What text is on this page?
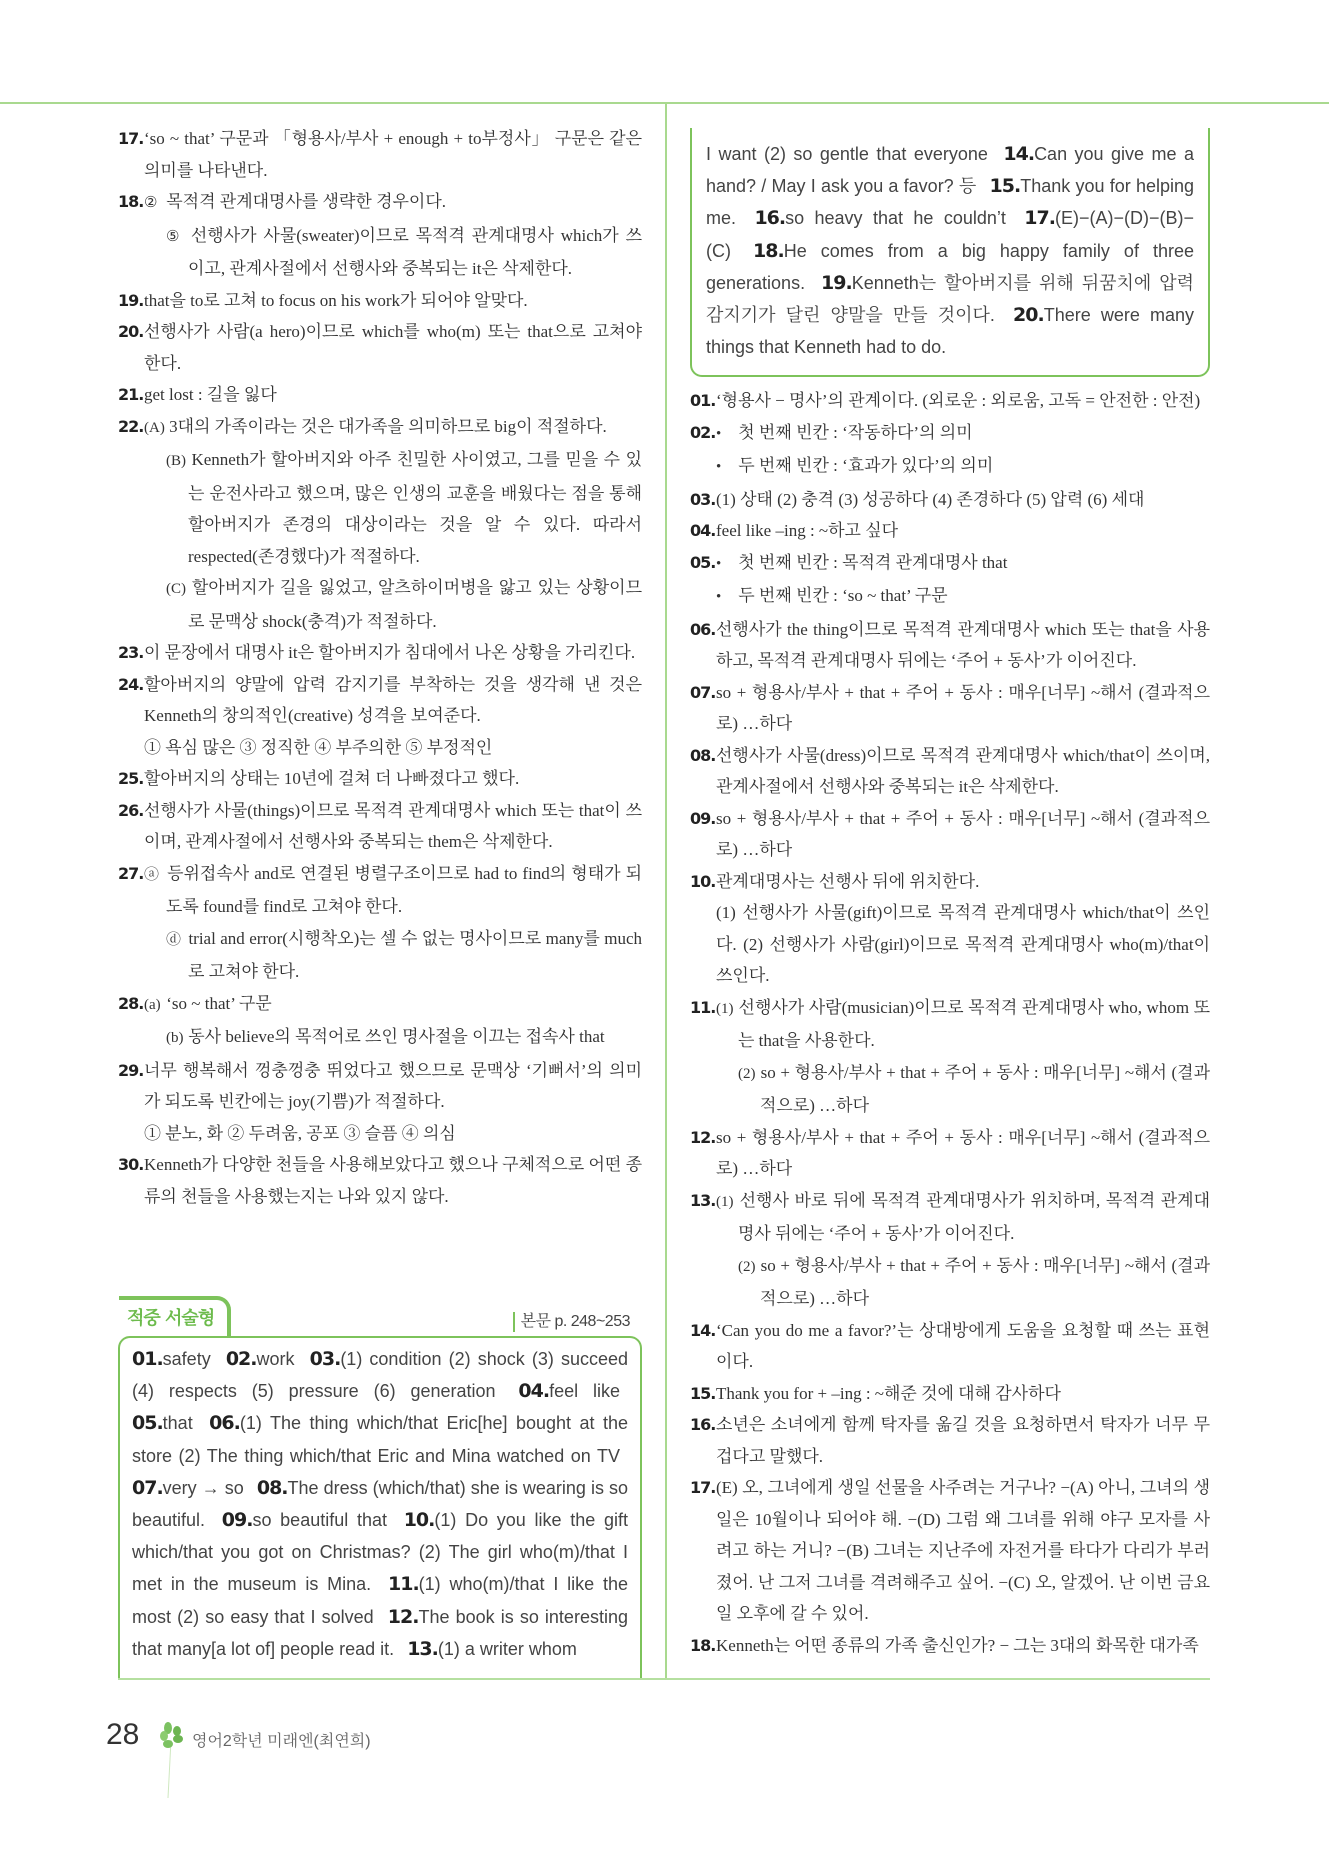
17. ‘so ~ that’ 구문과 「형용사/부사 + enough + to부정사」 구문은 같은 의미를 나타낸다.
18. ② 목적격 관계대명사를 생략한 경우이다.
⑤ 선행사가 사물(sweater)이므로 목적격 관계대명사 which가 쓰이고, 관계사절에서 선행사와 중복되는 it은 삭제한다.
19. that을 to로 고쳐 to focus on his work가 되어야 알맞다.
20. 선행사가 사람(a hero)이므로 which를 who(m) 또는 that으로 고쳐야 한다.
21. get lost : 길을 잃다
22. (A) 3대의 가족이라는 것은 대가족을 의미하므로 big이 적절하다.
(B) Kenneth가 할아버지와 아주 친밀한 사이였고, 그를 믿을 수 있는 운전사라고 했으며, 많은 인생의 교훈을 배웠다는 점을 통해 할아버지가 존경의 대상이라는 것을 알 수 있다. 따라서 respected(존경했다)가 적절하다.
(C) 할아버지가 길을 잃었고, 알츠하이머병을 앓고 있는 상황이므로 문맥상 shock(충격)가 적절하다.
23. 이 문장에서 대명사 it은 할아버지가 침대에서 나온 상황을 가리킨다.
24. 할아버지의 양말에 압력 감지기를 부착하는 것을 생각해 낸 것은 Kenneth의 창의적인(creative) 성격을 보여준다.
① 욕심 많은 ③ 정직한 ④ 부주의한 ⑤ 부정적인
25. 할아버지의 상태는 10년에 걸쳐 더 나빠졌다고 했다.
26. 선행사가 사물(things)이므로 목적격 관계대명사 which 또는 that이 쓰이며, 관계사절에서 선행사와 중복되는 them은 삭제한다.
27. ⓐ 등위접속사 and로 연결된 병렬구조이므로 had to find의 형태가 되도록 found를 find로 고쳐야 한다.
ⓓ trial and error(시행착오)는 셀 수 없는 명사이므로 many를 much로 고쳐야 한다.
28. (a) ‘so ~ that’ 구문
(b) 동사 believe의 목적어로 쓰인 명사절을 이끄는 접속사 that
29. 너무 행복해서 껑충껑충 뛰었다고 했으므로 문맥상 ‘기뻐서’의 의미가 되도록 빈칸에는 joy(기쁨)가 적절하다.
① 분노, 화 ② 두려움, 공포 ③ 슬픔 ④ 의심
30. Kenneth가 다양한 천들을 사용해보았다고 했으나 구체적으로 어떤 종류의 천들을 사용했는지는 나와 있지 않다.
적중 서술형	본문 p. 248~253
01.safety 02.work 03.(1) condition (2) shock (3) succeed (4) respects (5) pressure (6) generation 04.feel like 05.that 06.(1) The thing which/that Eric[he] bought at the store (2) The thing which/that Eric and Mina watched on TV 07.very → so 08.The dress (which/that) she is wearing is so beautiful. 09.so beautiful that 10.(1) Do you like the gift which/that you got on Christmas? (2) The girl who(m)/that I met in the museum is Mina. 11.(1) who(m)/that I like the most (2) so easy that I solved 12.The book is so interesting that many[a lot of] people read it. 13.(1) a writer whom
I want (2) so gentle that everyone 14.Can you give me a hand? / May I ask you a favor? 등 15.Thank you for helping me. 16.so heavy that he couldn’t 17.(E)−(A)−(D)−(B)−(C) 18.He comes from a big happy family of three generations. 19.Kenneth는 할아버지를 위해 뒤꿈치에 압력 감지기가 달린 양말을 만들 것이다. 20.There were many things that Kenneth had to do.
01. ‘형용사 − 명사’의 관계이다. (외로운 : 외로움, 고독 = 안전한 : 안전)
02. • 첫 번째 빈칸 : ‘작동하다’의 의미
• 두 번째 빈칸 : ‘효과가 있다’의 의미
03. (1) 상태 (2) 충격 (3) 성공하다 (4) 존경하다 (5) 압력 (6) 세대
04. feel like –ing : ~하고 싶다
05. • 첫 번째 빈칸 : 목적격 관계대명사 that
• 두 번째 빈칸 : ‘so ~ that’ 구문
06. 선행사가 the thing이므로 목적격 관계대명사 which 또는 that을 사용하고, 목적격 관계대명사 뒤에는 ‘주어 + 동사’가 이어진다.
07. so + 형용사/부사 + that + 주어 + 동사 : 매우[너무] ~해서 (결과적으로) …하다
08. 선행사가 사물(dress)이므로 목적격 관계대명사 which/that이 쓰이며, 관계사절에서 선행사와 중복되는 it은 삭제한다.
09. so + 형용사/부사 + that + 주어 + 동사 : 매우[너무] ~해서 (결과적으로) …하다
10. 관계대명사는 선행사 뒤에 위치한다.
(1) 선행사가 사물(gift)이므로 목적격 관계대명사 which/that이 쓰인다. (2) 선행사가 사람(girl)이므로 목적격 관계대명사 who(m)/that이 쓰인다.
11. (1) 선행사가 사람(musician)이므로 목적격 관계대명사 who, whom 또는 that을 사용한다.
(2) so + 형용사/부사 + that + 주어 + 동사 : 매우[너무] ~해서 (결과적으로) …하다
12. so + 형용사/부사 + that + 주어 + 동사 : 매우[너무] ~해서 (결과적으로) …하다
13. (1) 선행사 바로 뒤에 목적격 관계대명사가 위치하며, 목적격 관계대명사 뒤에는 ‘주어 + 동사’가 이어진다.
(2) so + 형용사/부사 + that + 주어 + 동사 : 매우[너무] ~해서 (결과적으로) …하다
14. ‘Can you do me a favor?’는 상대방에게 도움을 요청할 때 쓰는 표현이다.
15. Thank you for + –ing : ~해준 것에 대해 감사하다
16. 소년은 소녀에게 함께 탁자를 옮길 것을 요청하면서 탁자가 너무 무겁다고 말했다.
17. (E) 오, 그녀에게 생일 선물을 사주려는 거구나? −(A) 아니, 그녀의 생일은 10월이나 되어야 해. −(D) 그럼 왜 그녀를 위해 야구 모자를 사려고 하는 거니? −(B) 그녀는 지난주에 자전거를 타다가 다리가 부러졌어. 난 그저 그녀를 격려해주고 싶어. −(C) 오, 알겠어. 난 이번 금요일 오후에 갈 수 있어.
18. Kenneth는 어떤 종류의 가족 출신인가? − 그는 3대의 화목한 대가족
28	영어2학년 미래엔(최연희)
